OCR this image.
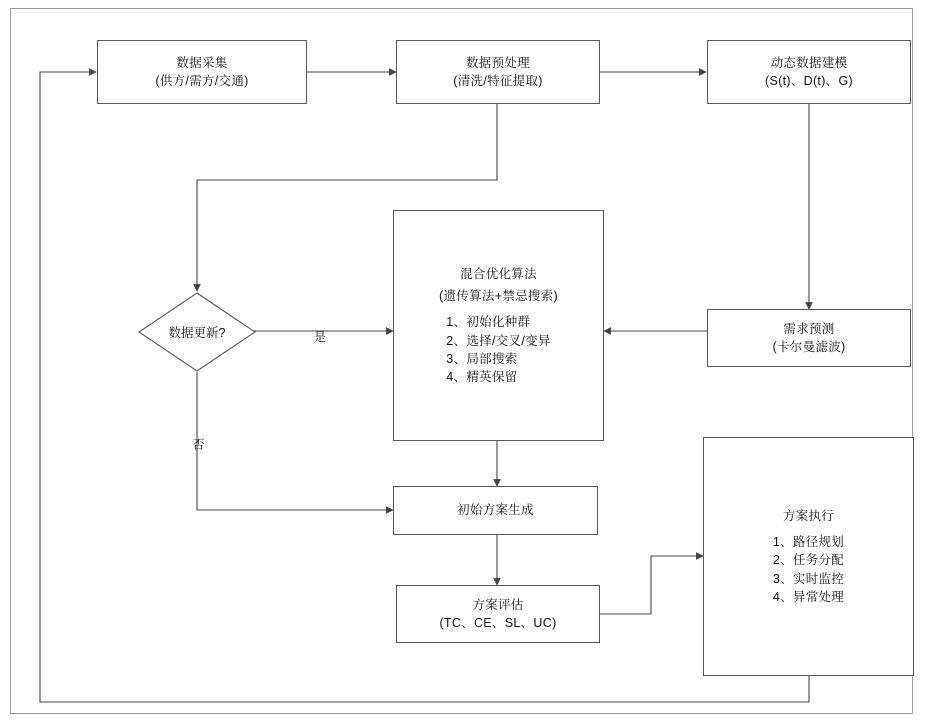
数据采集
(供方/需方/交通)
数据预处理
(清洗/特征提取)
动态数据建模
(S(t)、D(t)、G)
需求预测
(卡尔曼滤波)
数据更新?	是
否
混合优化算法
(遗传算法+禁忌搜索)
1、初始化种群
2、选择/交叉/变异
3、局部搜索
4、精英保留
初始方案生成
方案评估
(TC、CE、SL、UC)
方案执行
1、路径规划
2、任务分配
3、实时监控
4、异常处理
